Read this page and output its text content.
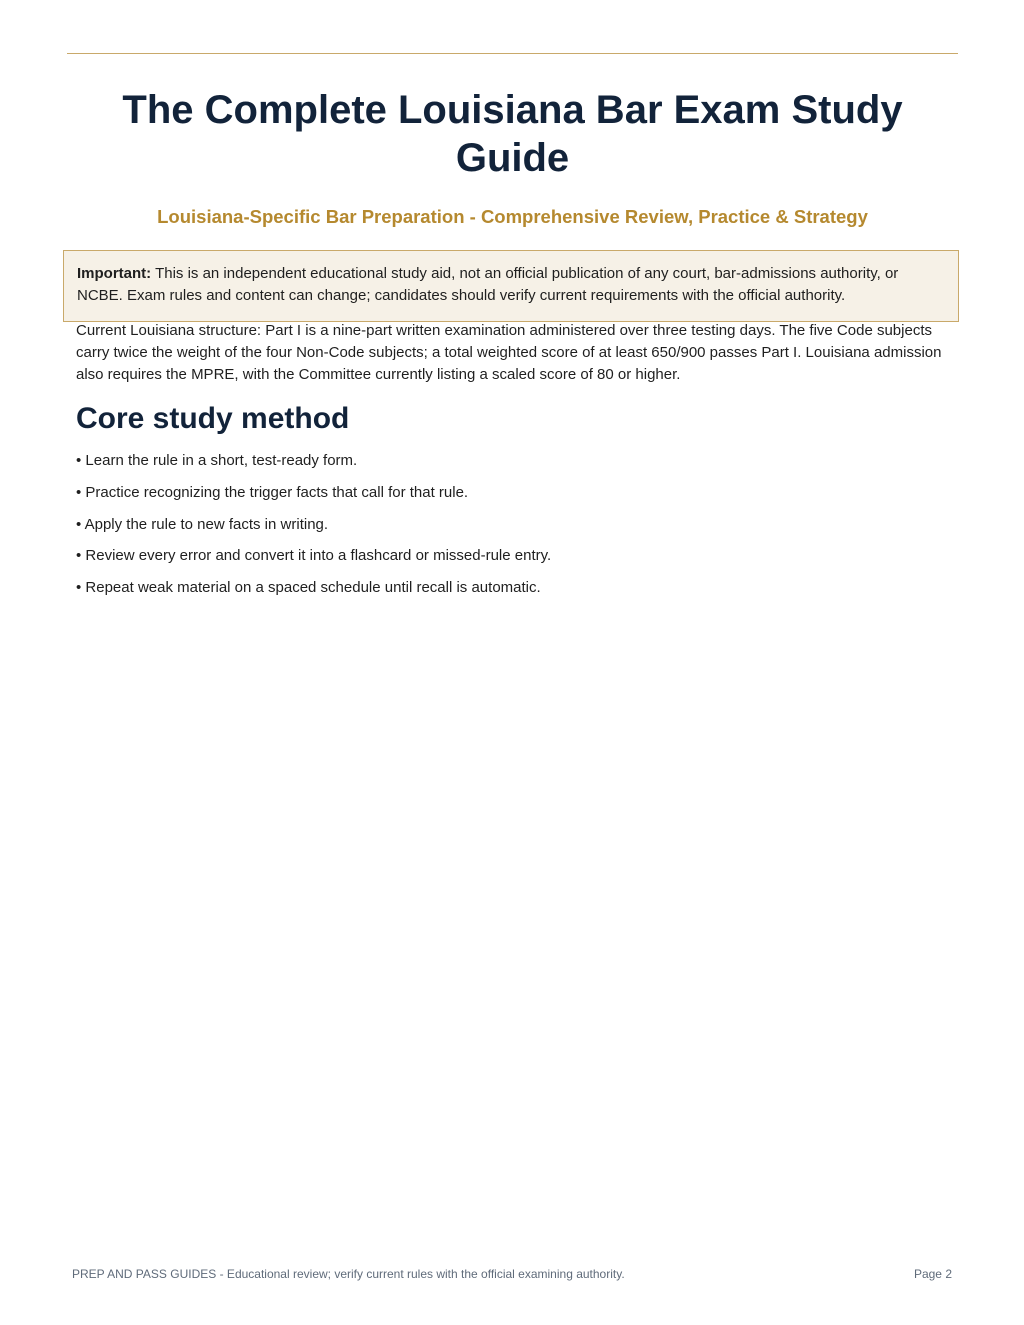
The Complete Louisiana Bar Exam Study Guide

Louisiana-Specific Bar Preparation - Comprehensive Review, Practice & Strategy

Important: This is an independent educational study aid, not an official publication of any court, bar-admissions authority, or NCBE. Exam rules and content can change; candidates should verify current requirements with the official authority.

Current Louisiana structure: Part I is a nine-part written examination administered over three testing days. The five Code subjects carry twice the weight of the four Non-Code subjects; a total weighted score of at least 650/900 passes Part I. Louisiana admission also requires the MPRE, with the Committee currently listing a scaled score of 80 or higher.

Core study method
• Learn the rule in a short, test-ready form.
• Practice recognizing the trigger facts that call for that rule.
• Apply the rule to new facts in writing.
• Review every error and convert it into a flashcard or missed-rule entry.
• Repeat weak material on a spaced schedule until recall is automatic.
PREP AND PASS GUIDES - Educational review; verify current rules with the official examining authority.	Page 2
